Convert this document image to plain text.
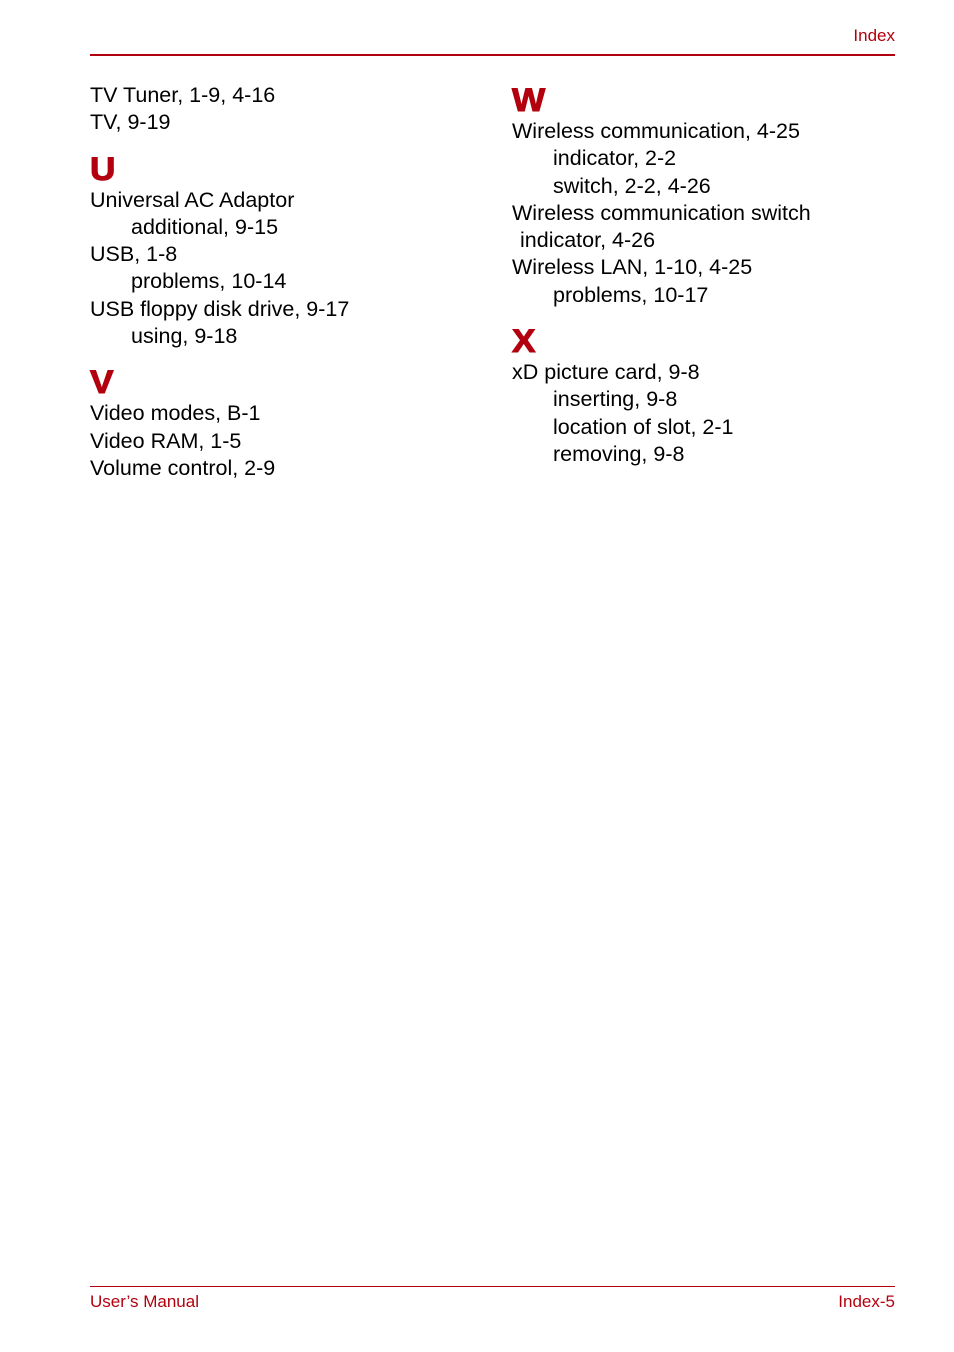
Index

TV Tuner, 1-9, 4-16

TV, 9-19

U

Universal AC Adaptor

additional, 9-15

USB, 1-8

problems, 10-14

USB floppy disk drive, 9-17

using, 9-18

V

Video modes, B-1

Video RAM, 1-5

Volume control, 2-9

W

Wireless communication, 4-25

indicator, 2-2

switch, 2-2, 4-26

Wireless communication switch

indicator, 4-26

Wireless LAN, 1-10, 4-25

problems, 10-17

X

xD picture card, 9-8

inserting, 9-8

location of slot, 2-1

removing, 9-8

User’s Manual	Index-5
